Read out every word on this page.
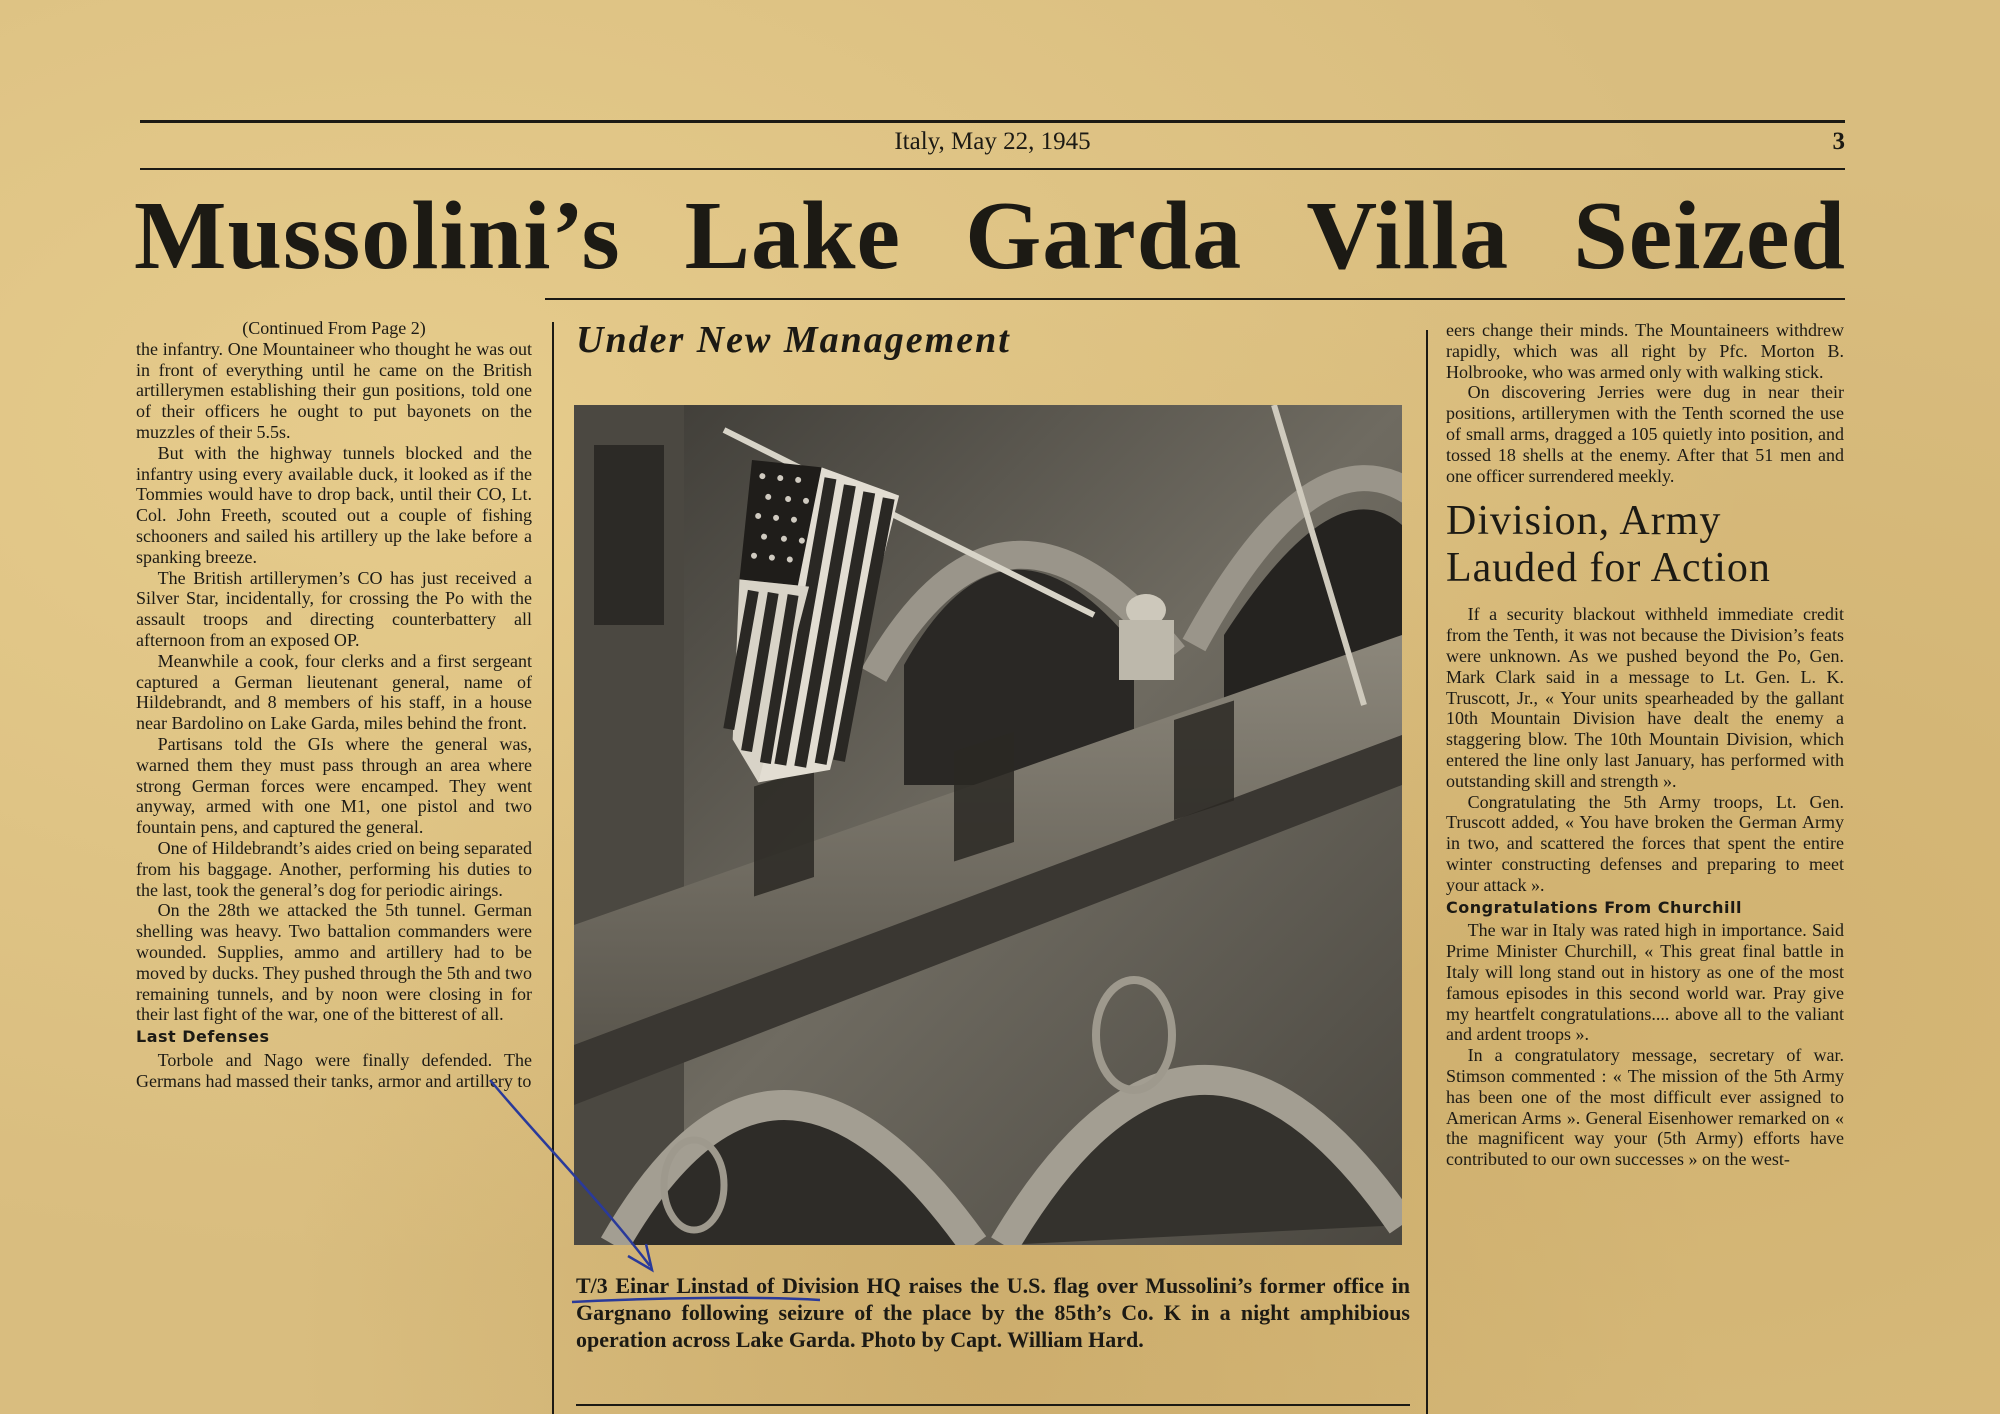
Italy, May 22, 1945	3
Mussolini’s Lake Garda Villa Seized

(Continued From Page 2)

the infantry. One Mountaineer who thought he was out in front of everything until he came on the British artillerymen establishing their gun positions, told one of their officers he ought to put bayonets on the muzzles of their 5.5s.

But with the highway tunnels blocked and the infantry using every available duck, it looked as if the Tommies would have to drop back, until their CO, Lt. Col. John Freeth, scouted out a couple of fishing schooners and sailed his artillery up the lake before a spanking breeze.

The British artillerymen’s CO has just received a Silver Star, incidentally, for crossing the Po with the assault troops and directing counterbattery all afternoon from an exposed OP.

Meanwhile a cook, four clerks and a first sergeant captured a German lieutenant general, name of Hildebrandt, and 8 members of his staff, in a house near Bardolino on Lake Garda, miles behind the front.

Partisans told the GIs where the general was, warned them they must pass through an area where strong German forces were encamped. They went anyway, armed with one M1, one pistol and two fountain pens, and captured the general.

One of Hildebrandt’s aides cried on being separated from his baggage. Another, performing his duties to the last, took the general’s dog for periodic airings.

On the 28th we attacked the 5th tunnel. German shelling was heavy. Two battalion commanders were wounded. Supplies, ammo and artillery had to be moved by ducks. They pushed through the 5th and two remaining tunnels, and by noon were closing in for their last fight of the war, one of the bitterest of all.

Last Defenses

Torbole and Nago were finally defended. The Germans had massed their tanks, armor and artillery to

Under New Management
T/3 Einar Linstad of Division HQ raises the U.S. flag over Mussolini’s former office in Gargnano following seizure of the place by the 85th’s Co. K in a night amphibious operation across Lake Garda. Photo by Capt. William Hard.

eers change their minds. The Mountaineers withdrew rapidly, which was all right by Pfc. Morton B. Holbrooke, who was armed only with walking stick.

On discovering Jerries were dug in near their positions, artillerymen with the Tenth scorned the use of small arms, dragged a 105 quietly into position, and tossed 18 shells at the enemy. After that 51 men and one officer surrendered meekly.

Division, Army Lauded for Action

If a security blackout withheld immediate credit from the Tenth, it was not because the Division’s feats were unknown. As we pushed beyond the Po, Gen. Mark Clark said in a message to Lt. Gen. L. K. Truscott, Jr., « Your units spearheaded by the gallant 10th Mountain Division have dealt the enemy a staggering blow. The 10th Mountain Division, which entered the line only last January, has performed with outstanding skill and strength ».

Congratulating the 5th Army troops, Lt. Gen. Truscott added, « You have broken the German Army in two, and scattered the forces that spent the entire winter constructing defenses and preparing to meet your attack ».

Congratulations From Churchill

The war in Italy was rated high in importance. Said Prime Minister Churchill, « This great final battle in Italy will long stand out in history as one of the most famous episodes in this second world war. Pray give my heartfelt congratulations.... above all to the valiant and ardent troops ».

In a congratulatory message, secretary of war. Stimson commented : « The mission of the 5th Army has been one of the most difficult ever assigned to American Arms ». General Eisenhower remarked on « the magnificent way your (5th Army) efforts have contributed to our own successes » on the west-
